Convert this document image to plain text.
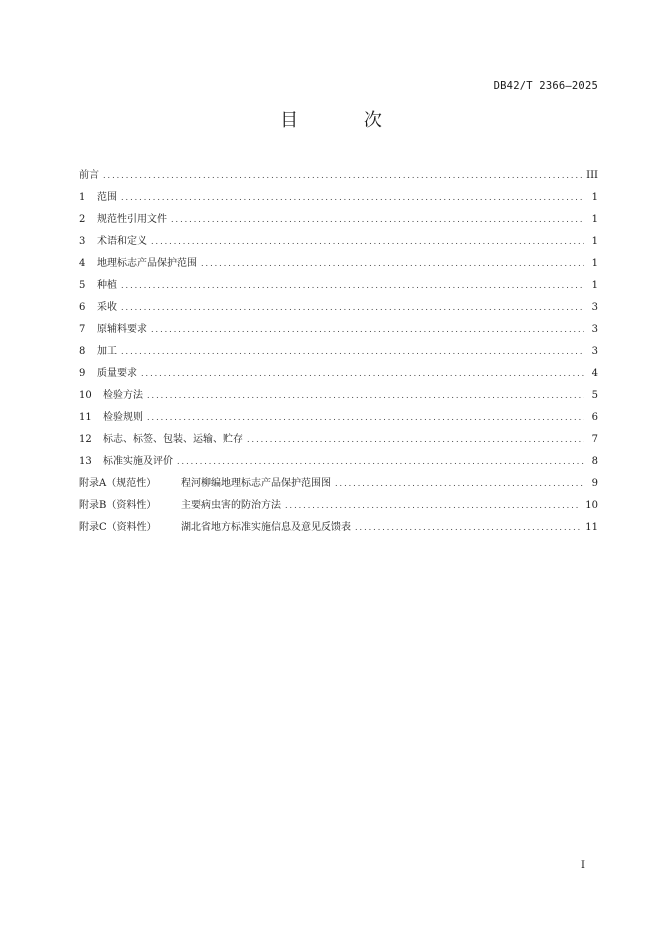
DB42/T 2366—2025
目 次
前言 .....	III
1	范围 .....	1
2	规范性引用文件 .....	1
3	术语和定义 .....	1
4	地理标志产品保护范围 .....	1
5	种植 .....	1
6	采收 .....	3
7	原辅料要求 .....	3
8	加工 .....	3
9	质量要求 .....	4
10	检验方法 .....	5
11	检验规则 .....	6
12	标志、标签、包装、运输、贮存 .....	7
13	标准实施及评价 .....	8
附录A（规范性）	程河柳编地理标志产品保护范围图 .....	9
附录B（资料性）	主要病虫害的防治方法 .....	10
附录C（资料性）	湖北省地方标准实施信息及意见反馈表 .....	11
I
